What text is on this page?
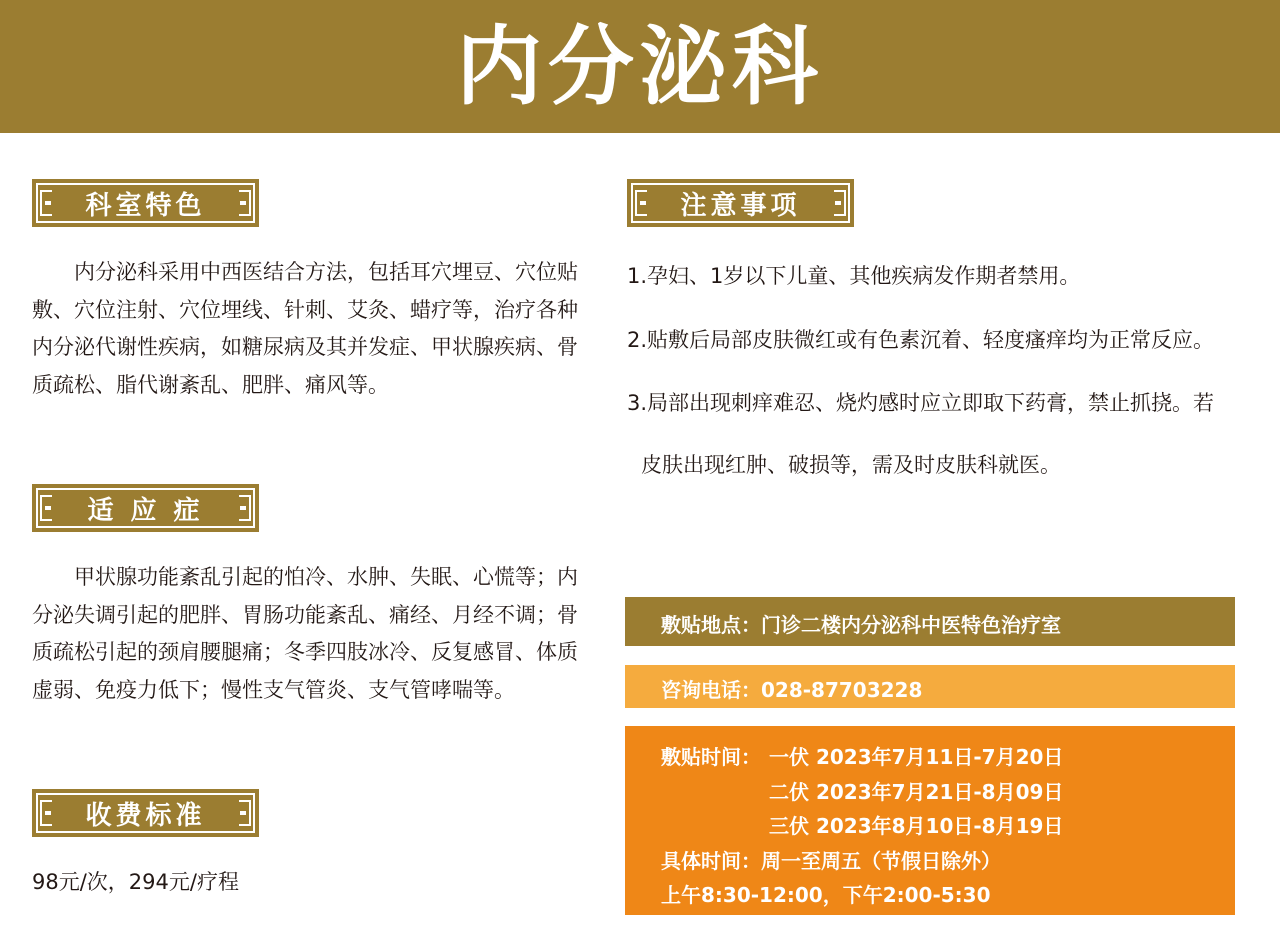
内分泌科
科室特色

　　内分泌科采用中西医结合方法，包括耳穴埋豆、穴位贴敷、穴位注射、穴位埋线、针刺、艾灸、蜡疗等，治疗各种内分泌代谢性疾病，如糖尿病及其并发症、甲状腺疾病、骨质疏松、脂代谢紊乱、肥胖、痛风等。

适 应 症

　　甲状腺功能紊乱引起的怕冷、水肿、失眠、心慌等；内分泌失调引起的肥胖、胃肠功能紊乱、痛经、月经不调；骨质疏松引起的颈肩腰腿痛；冬季四肢冰冷、反复感冒、体质虚弱、免疫力低下；慢性支气管炎、支气管哮喘等。

收费标准

98元/次，294元/疗程

注意事项

1.孕妇、1岁以下儿童、其他疾病发作期者禁用。

2.贴敷后局部皮肤微红或有色素沉着、轻度瘙痒均为正常反应。

3.局部出现刺痒难忍、烧灼感时应立即取下药膏，禁止抓挠。若

皮肤出现红肿、破损等，需及时皮肤科就医。

敷贴地点：门诊二楼内分泌科中医特色治疗室
咨询电话：028-87703228
敷贴时间： 一伏
2023年7月11日-7月20日
二伏
2023年7月21日-8月09日
三伏
2023年8月10日-8月19日
具体时间：周一至周五（节假日除外）
上午8:30-12:00，下午2:00-5:30
